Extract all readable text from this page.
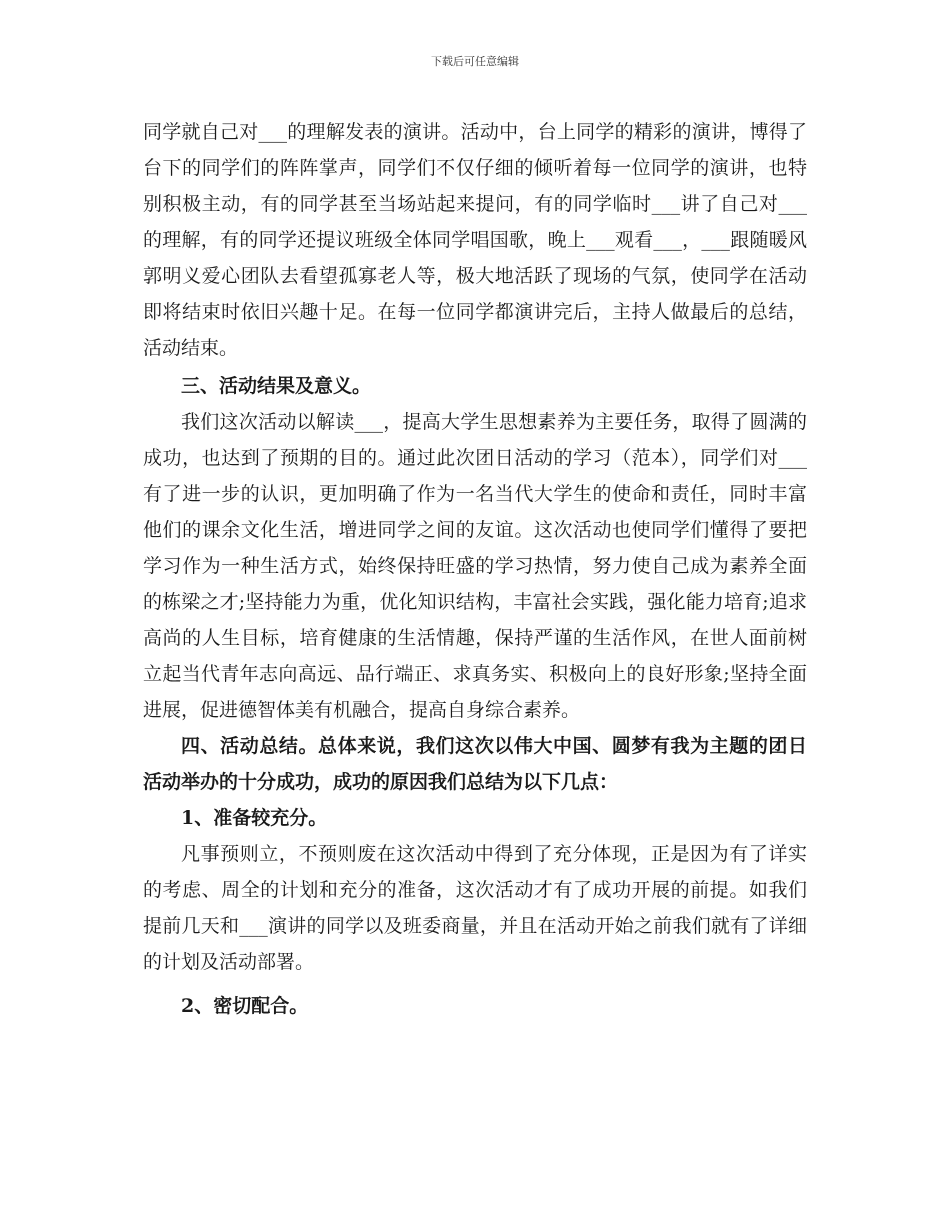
下载后可任意编辑

同学就自己对___的理解发表的演讲。活动中，台上同学的精彩的演讲，博得了台下的同学们的阵阵掌声，同学们不仅仔细的倾听着每一位同学的演讲，也特别积极主动，有的同学甚至当场站起来提问，有的同学临时___讲了自己对___的理解，有的同学还提议班级全体同学唱国歌，晚上___观看___，___跟随暖风郭明义爱心团队去看望孤寡老人等，极大地活跃了现场的气氛，使同学在活动即将结束时依旧兴趣十足。在每一位同学都演讲完后，主持人做最后的总结，活动结束。

三、活动结果及意义。

我们这次活动以解读___，提高大学生思想素养为主要任务，取得了圆满的成功，也达到了预期的目的。通过此次团日活动的学习（范本），同学们对___有了进一步的认识，更加明确了作为一名当代大学生的使命和责任，同时丰富他们的课余文化生活，增进同学之间的友谊。这次活动也使同学们懂得了要把学习作为一种生活方式，始终保持旺盛的学习热情，努力使自己成为素养全面的栋梁之才;坚持能力为重，优化知识结构，丰富社会实践，强化能力培育;追求高尚的人生目标，培育健康的生活情趣，保持严谨的生活作风，在世人面前树立起当代青年志向高远、品行端正、求真务实、积极向上的良好形象;坚持全面进展，促进德智体美有机融合，提高自身综合素养。

四、活动总结。总体来说，我们这次以伟大中国、圆梦有我为主题的团日活动举办的十分成功，成功的原因我们总结为以下几点：

1、准备较充分。

凡事预则立，不预则废在这次活动中得到了充分体现，正是因为有了详实的考虑、周全的计划和充分的准备，这次活动才有了成功开展的前提。如我们提前几天和___演讲的同学以及班委商量，并且在活动开始之前我们就有了详细的计划及活动部署。

2、密切配合。
